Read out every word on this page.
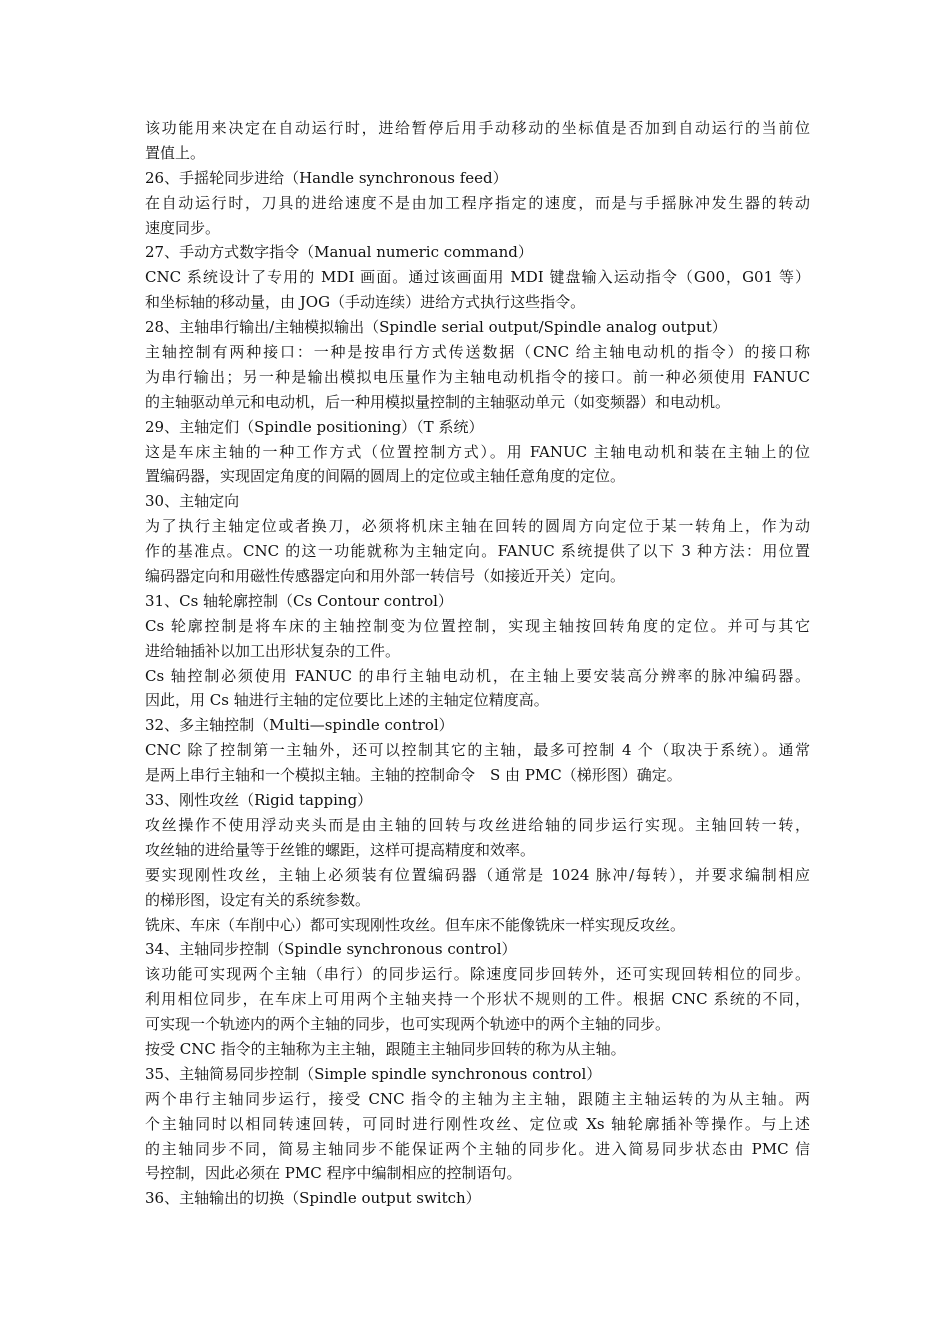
该功能用来决定在自动运行时，进给暂停后用手动移动的坐标值是否加到自动运行的当前位
置值上。
26、手摇轮同步进给（Handle synchronous feed）
在自动运行时，刀具的进给速度不是由加工程序指定的速度，而是与手摇脉冲发生器的转动
速度同步。
27、手动方式数字指令（Manual numeric command）
CNC 系统设计了专用的 MDI 画面。通过该画面用 MDI 键盘输入运动指令（G00，G01 等）
和坐标轴的移动量，由 JOG（手动连续）进给方式执行这些指令。
28、主轴串行输出/主轴模拟输出（Spindle serial output/Spindle analog output）
主轴控制有两种接口：一种是按串行方式传送数据（CNC 给主轴电动机的指令）的接口称
为串行输出；另一种是输出模拟电压量作为主轴电动机指令的接口。前一种必须使用 FANUC
的主轴驱动单元和电动机，后一种用模拟量控制的主轴驱动单元（如变频器）和电动机。
29、主轴定们（Spindle positioning）（T 系统）
这是车床主轴的一种工作方式（位置控制方式）。用 FANUC 主轴电动机和装在主轴上的位
置编码器，实现固定角度的间隔的圆周上的定位或主轴任意角度的定位。
30、主轴定向
为了执行主轴定位或者换刀，必须将机床主轴在回转的圆周方向定位于某一转角上，作为动
作的基准点。CNC 的这一功能就称为主轴定向。FANUC 系统提供了以下 3 种方法：用位置
编码器定向和用磁性传感器定向和用外部一转信号（如接近开关）定向。
31、Cs 轴轮廓控制（Cs Contour control）
Cs 轮廓控制是将车床的主轴控制变为位置控制，实现主轴按回转角度的定位。并可与其它
进给轴插补以加工出形状复杂的工件。
Cs 轴控制必须使用 FANUC 的串行主轴电动机，在主轴上要安装高分辨率的脉冲编码器。
因此，用 Cs 轴进行主轴的定位要比上述的主轴定位精度高。
32、多主轴控制（Multi—spindle control）
CNC 除了控制第一主轴外，还可以控制其它的主轴，最多可控制 4 个（取决于系统）。通常
是两上串行主轴和一个模拟主轴。主轴的控制命令　S 由 PMC（梯形图）确定。
33、刚性攻丝（Rigid tapping）
攻丝操作不使用浮动夹头而是由主轴的回转与攻丝进给轴的同步运行实现。主轴回转一转，
攻丝轴的进给量等于丝锥的螺距，这样可提高精度和效率。
要实现刚性攻丝，主轴上必须装有位置编码器（通常是 1024 脉冲/每转），并要求编制相应
的梯形图，设定有关的系统参数。
铣床、车床（车削中心）都可实现刚性攻丝。但车床不能像铣床一样实现反攻丝。
34、主轴同步控制（Spindle synchronous control）
该功能可实现两个主轴（串行）的同步运行。除速度同步回转外，还可实现回转相位的同步。
利用相位同步，在车床上可用两个主轴夹持一个形状不规则的工件。根据 CNC 系统的不同，
可实现一个轨迹内的两个主轴的同步，也可实现两个轨迹中的两个主轴的同步。
按受 CNC 指令的主轴称为主主轴，跟随主主轴同步回转的称为从主轴。
35、主轴简易同步控制（Simple spindle synchronous control）
两个串行主轴同步运行，接受 CNC 指令的主轴为主主轴，跟随主主轴运转的为从主轴。两
个主轴同时以相同转速回转，可同时进行刚性攻丝、定位或 Xs 轴轮廓插补等操作。与上述
的主轴同步不同，简易主轴同步不能保证两个主轴的同步化。进入简易同步状态由 PMC 信
号控制，因此必须在 PMC 程序中编制相应的控制语句。
36、主轴输出的切换（Spindle output switch）
